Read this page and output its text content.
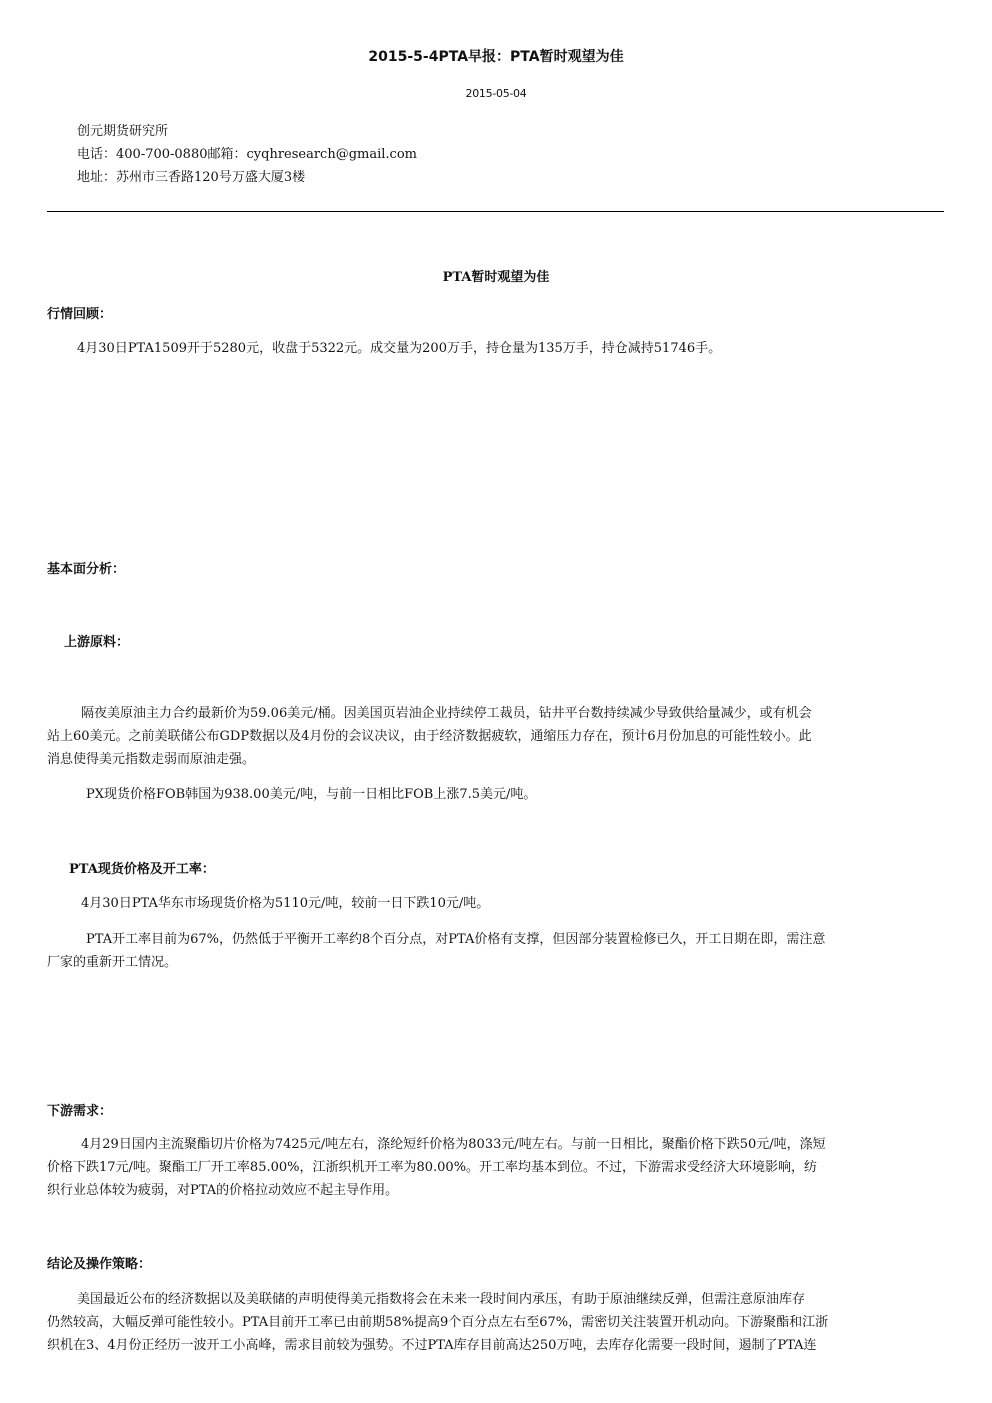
2015-5-4PTA早报：PTA暂时观望为佳
2015-05-04
创元期货研究所
电话：400-700-0880邮箱：cyqhresearch@gmail.com
地址：苏州市三香路120号万盛大厦3楼
PTA暂时观望为佳
行情回顾：
4月30日PTA1509开于5280元，收盘于5322元。成交量为200万手，持仓量为135万手，持仓减持51746手。
基本面分析：
上游原料：
隔夜美原油主力合约最新价为59.06美元/桶。因美国页岩油企业持续停工裁员，钻井平台数持续减少导致供给量减少，或有机会
站上60美元。之前美联储公布GDP数据以及4月份的会议决议，由于经济数据疲软，通缩压力存在，预计6月份加息的可能性较小。此
消息使得美元指数走弱而原油走强。
PX现货价格FOB韩国为938.00美元/吨，与前一日相比FOB上涨7.5美元/吨。
PTA现货价格及开工率：
4月30日PTA华东市场现货价格为5110元/吨，较前一日下跌10元/吨。
PTA开工率目前为67%，仍然低于平衡开工率约8个百分点，对PTA价格有支撑，但因部分装置检修已久，开工日期在即，需注意
厂家的重新开工情况。
下游需求：
4月29日国内主流聚酯切片价格为7425元/吨左右，涤纶短纤价格为8033元/吨左右。与前一日相比，聚酯价格下跌50元/吨，涤短
价格下跌17元/吨。聚酯工厂开工率85.00%，江浙织机开工率为80.00%。开工率均基本到位。不过，下游需求受经济大环境影响，纺
织行业总体较为疲弱，对PTA的价格拉动效应不起主导作用。
结论及操作策略：
美国最近公布的经济数据以及美联储的声明使得美元指数将会在未来一段时间内承压，有助于原油继续反弹，但需注意原油库存
仍然较高，大幅反弹可能性较小。PTA目前开工率已由前期58%提高9个百分点左右至67%，需密切关注装置开机动向。下游聚酯和江浙
织机在3、4月份正经历一波开工小高峰，需求目前较为强势。不过PTA库存目前高达250万吨，去库存化需要一段时间，遏制了PTA连
